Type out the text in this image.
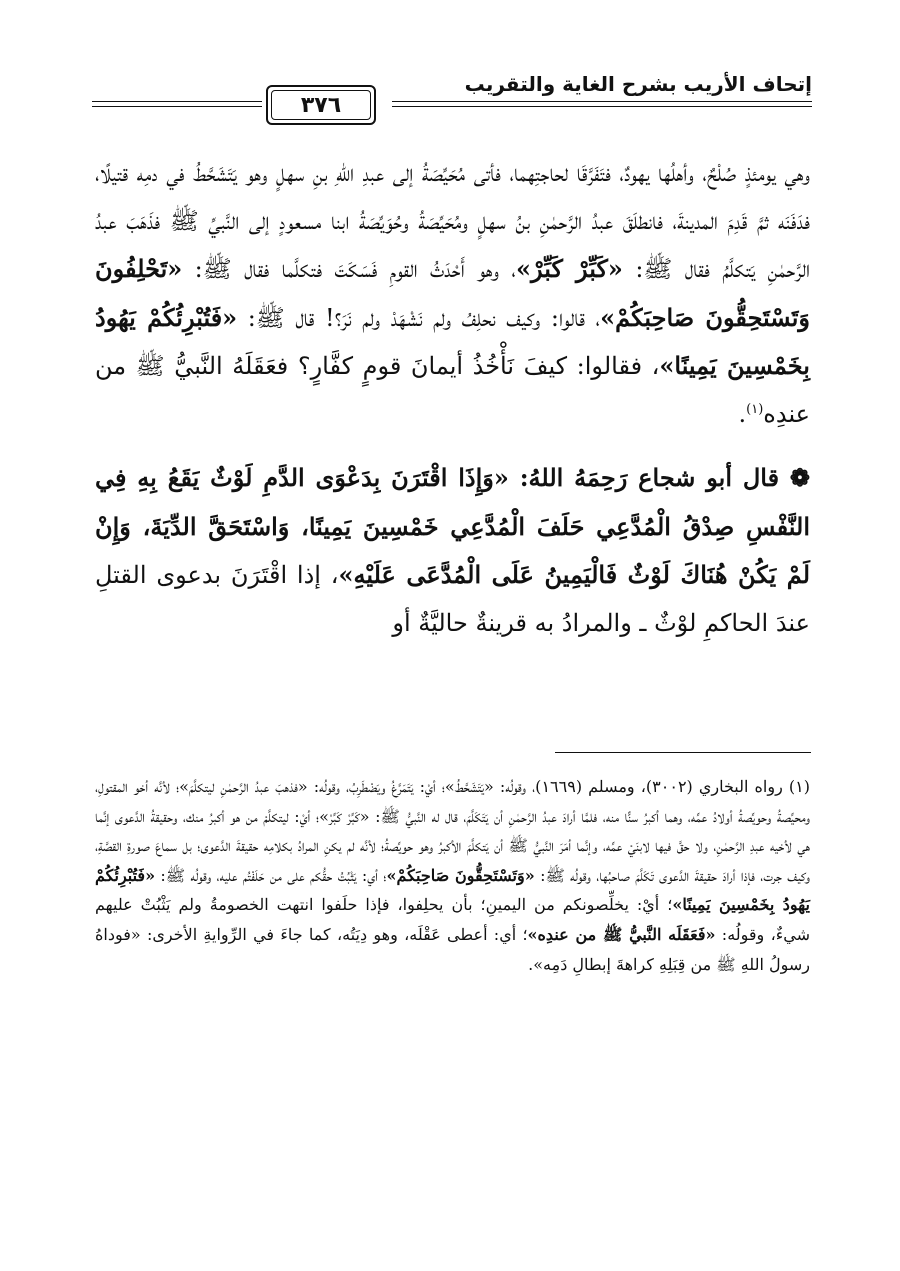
إتحاف الأريب بشرح الغاية والتقريب
٣٧٦

وهي يومئذٍ صُلْحٌ، وأهلُها يهودٌ، فتَفَرَّقَا لحاجتِهما، فأتى مُحَيِّصَةُ إلى عبدِ اللهِ بنِ سهلٍ وهو يَتَشَحَّطُ في دمِه قتيلًا، فدَفَنَه ثمَّ قَدِمَ المدينةَ، فانطلَقَ عبدُ الرَّحمٰنِ بنُ سهلٍ ومُحَيِّصَةُ وحُوَيِّصَةُ ابنا مسعودٍ إلى النَّبيِّ ﷺ فذَهَبَ عبدُ الرَّحمٰنِ يَتكلَّمُ فقال ﷺ: «كَبِّرْ كَبِّرْ»، وهو أَحْدَثُ القومِ فَسَكَتَ فتكلَّما فقال ﷺ: «تَحْلِفُونَ وَتَسْتَحِقُّونَ صَاحِبَكُمْ»، قالوا: وكيف نحلِفُ ولم نَشْهَدْ ولم نَرَ؟! قال ﷺ: «فَتُبْرِئُكُمْ يَهُودُ بِخَمْسِينَ يَمِينًا»، فقالوا: كيفَ نَأْخُذُ أيمانَ قومٍ كفَّارٍ؟ فعَقَلَهُ النَّبيُّ ﷺ من عندِه$^{(١)}$.

❁ قال أبو شجاع رَحِمَهُ اللهُ: «وَإِذَا اقْتَرَنَ بِدَعْوَى الدَّمِ لَوْثٌ يَقَعُ بِهِ فِي النَّفْسِ صِدْقُ الْمُدَّعِي حَلَفَ الْمُدَّعِي خَمْسِينَ يَمِينًا، وَاسْتَحَقَّ الدِّيَةَ، وَإِنْ لَمْ يَكُنْ هُنَاكَ لَوْثٌ فَالْيَمِينُ عَلَى الْمُدَّعَى عَلَيْهِ»، إذا اقْتَرَنَ بدعوى القتلِ عندَ الحاكمِ لوْثٌ ـ والمرادُ به قرينةٌ حاليَّةٌ أو

(١) رواه البخاري (٣٠٠٢)، ومسلم (١٦٦٩)، وقولُه: «يَتَشَحَّطُ»؛ أيْ: يَتَمَرَّغُ ويَضْطَرِبُ، وقولُه: «فذهبَ عبدُ الرَّحمٰنِ ليتكلَّمَ»؛ لأنَّه أخو المقتولِ، ومحيِّصةُ وحويِّصةُ أولادُ عمِّه، وهما أكبرُ سنًّا منه، فلمَّا أرادَ عبدُ الرَّحمٰنِ أن يَتَكَلَّمَ، قال له النَّبيُّ ﷺ: «كَبِّرْ كَبِّرْ»؛ أيْ: ليتكلَّمْ من هو أكبرُ منك، وحقيقةُ الدَّعوى إنَّما هي لأخيه عبدِ الرَّحمٰنِ، ولا حقَّ فيها لابنَيْ عمِّه، وإنَّما أمَرَ النَّبيُّ ﷺ أن يَتكلَّمَ الأكبرُ وهو حويِّصةُ؛ لأنَّه لم يكنِ المرادُ بكلامِه حقيقةَ الدَّعوى؛ بل سماعَ صورةِ القصَّةِ، وكيف جرت، فإذا أرادَ حقيقةَ الدَّعوى تَكَلَّمَ صاحبُها، وقولُه ﷺ: «وَتَسْتَحِقُّونَ صَاحِبَكُمْ»؛ أي: يَثْبُتُ حقُّكم على من حَلَفْتُم عليه، وقولُه ﷺ: «فَتُبْرِئُكُمْ يَهُودُ بِخَمْسِينَ يَمِينًا»؛ أيْ: يخلِّصونكم من اليمينِ؛ بأن يحلِفوا، فإذا حلَفوا انتهت الخصومةُ ولم يَثْبُتْ عليهم شيءٌ، وقولُه: «فَعَقَلَه النَّبيُّ ﷺ من عندِه»؛ أي: أعطى عَقْلَه، وهو دِيَتُه، كما جاءَ في الرِّوايةِ الأخرى: «فوداهُ رسولُ اللهِ ﷺ من قِبَلِهِ كراهةَ إبطالِ دَمِه».
